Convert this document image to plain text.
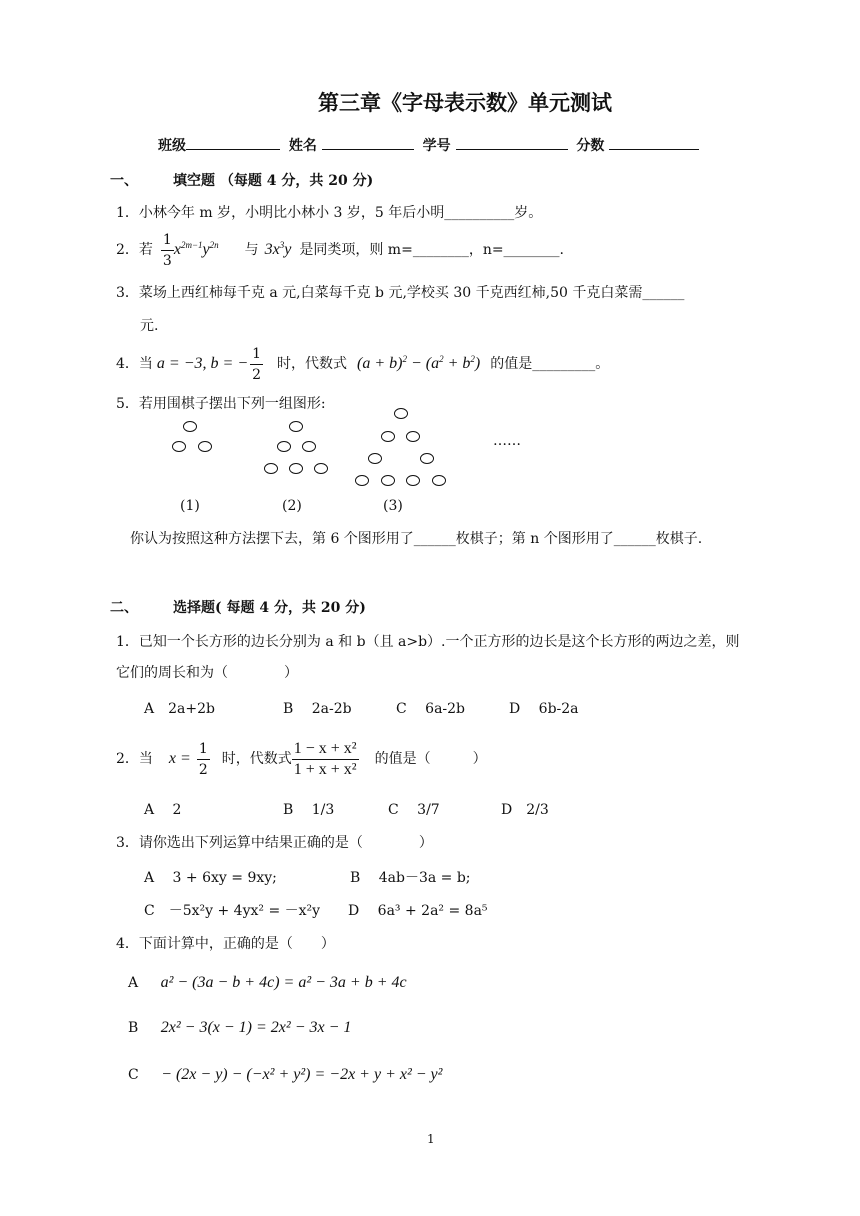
第三章《字母表示数》单元测试
班级	姓名	学号	分数
一、	填空题 （每题 4 分，共 20 分)
1．小林今年 m 岁，小明比小林小 3 岁，5 年后小明__________岁。
2．若 $\frac{1}{3} x^{2m-1}y^{2n}$ 与 $3x^3y$ 是同类项，则 m=________，n=________.
3．菜场上西红柿每千克 a 元,白菜每千克 b 元,学校买 30 千克西红柿,50 千克白菜需______
元.
4．当 a = −3, b = − $\frac{1}{2}$ 时，代数式 $(a + b)^2 - (a^2 + b^2)$ 的值是_________。
5．若用围棋子摆出下列一组图形:
……
(1)	(2)	(3)
你认为按照这种方法摆下去，第 6 个图形用了______枚棋子；第 n 个图形用了______枚棋子.
二、	选择题( 每题 4 分，共 20 分)
1．已知一个长方形的边长分别为 a 和 b（且 a>b）.一个正方形的边长是这个长方形的两边之差，则
它们的周长和为（　　　　）
A　2a+2b	B　 2a-2b	C　 6a-2b	D　 6b-2a
2．当 $x = \frac{1}{2}$ 时，代数式 $\frac{\text{1 − x + x²}}{\text{1 + x + x²}}$ 的值是（　　　）
A　 2	B　 1/3	C　 3/7	D　2/3
3．请你选出下列运算中结果正确的是（　　　　）
A　 3 + 6xy = 9xy;	B　 4ab－3a = b;
C　－5x²y + 4yx² = －x²y D　 6a³ + 2a² = 8a⁵
4．下面计算中，正确的是（　　）
A a² − (3a − b + 4c) = a² − 3a + b + 4c
B 2x² − 3(x − 1) = 2x² − 3x − 1
C − (2x − y) − (−x² + y²) = −2x + y + x² − y²
1
